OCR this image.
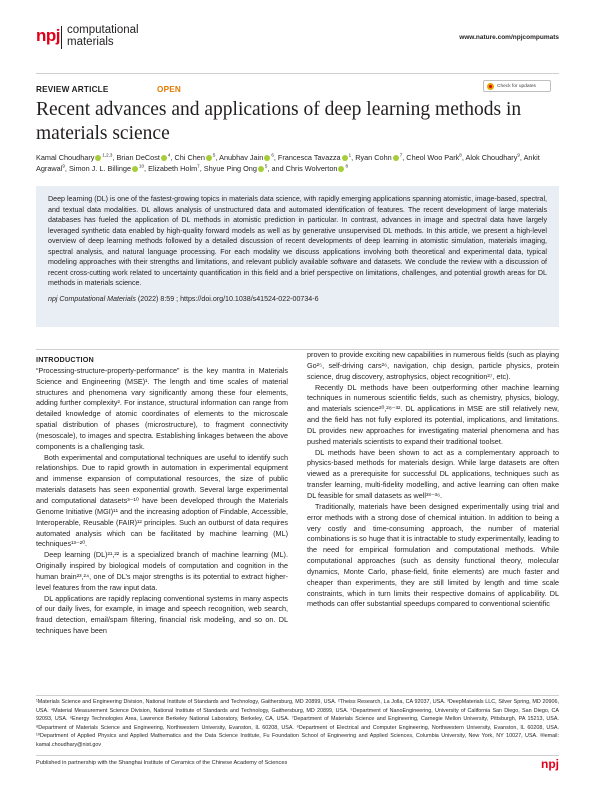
npj computational
materials	www.nature.com/npjcompumats
REVIEW ARTICLE	OPEN	Check for updates
Recent advances and applications of deep learning methods in materials science
Kamal Choudhary $^{1,2,3}$, Brian DeCost $^4$, Chi Chen $^5$, Anubhav Jain $^6$, Francesca Tavazza $^1$, Ryan Cohn $^7$, Cheol Woo Park$^8$, Alok Choudhary$^9$, Ankit Agrawal$^9$, Simon J. L. Billinge $^{10}$, Elizabeth Holm$^7$, Shyue Ping Ong $^5$, and Chris Wolverton $^8$
Deep learning (DL) is one of the fastest-growing topics in materials data science, with rapidly emerging applications spanning atomistic, image-based, spectral, and textual data modalities. DL allows analysis of unstructured data and automated identification of features. The recent development of large materials databases has fueled the application of DL methods in atomistic prediction in particular. In contrast, advances in image and spectral data have largely leveraged synthetic data enabled by high-quality forward models as well as by generative unsupervised DL methods. In this article, we present a high-level overview of deep learning methods followed by a detailed discussion of recent developments of deep learning in atomistic simulation, materials imaging, spectral analysis, and natural language processing. For each modality we discuss applications involving both theoretical and experimental data, typical modeling approaches with their strengths and limitations, and relevant publicly available software and datasets. We conclude the review with a discussion of recent cross-cutting work related to uncertainty quantification in this field and a brief perspective on limitations, challenges, and potential growth areas for DL methods in materials science.
npj Computational Materials (2022) 8:59 ; https://doi.org/10.1038/s41524-022-00734-6

INTRODUCTION

“Processing-structure-property-performance” is the key mantra in Materials Science and Engineering (MSE)¹. The length and time scales of material structures and phenomena vary significantly among these four elements, adding further complexity². For instance, structural information can range from detailed knowledge of atomic coordinates of elements to the microscale spatial distribution of phases (microstructure), to fragment connectivity (mesoscale), to images and spectra. Establishing linkages between the above components is a challenging task.

Both experimental and computational techniques are useful to identify such relationships. Due to rapid growth in automation in experimental equipment and immense expansion of computational resources, the size of public materials datasets has seen exponential growth. Several large experimental and computational datasets³⁻¹⁰ have been developed through the Materials Genome Initiative (MGI)¹¹ and the increasing adoption of Findable, Accessible, Interoperable, Reusable (FAIR)¹² principles. Such an outburst of data requires automated analysis which can be facilitated by machine learning (ML) techniques¹³⁻²⁰.

Deep learning (DL)²¹,²² is a specialized branch of machine learning (ML). Originally inspired by biological models of computation and cognition in the human brain²³,²⁴, one of DL’s major strengths is its potential to extract higher-level features from the raw input data.

DL applications are rapidly replacing conventional systems in many aspects of our daily lives, for example, in image and speech recognition, web search, fraud detection, email/spam filtering, financial risk modeling, and so on. DL techniques have been

proven to provide exciting new capabilities in numerous fields (such as playing Go²⁵, self-driving cars²⁶, navigation, chip design, particle physics, protein science, drug discovery, astrophysics, object recognition²⁷, etc).

Recently DL methods have been outperforming other machine learning techniques in numerous scientific fields, such as chemistry, physics, biology, and materials science²⁰,²⁸⁻³². DL applications in MSE are still relatively new, and the field has not fully explored its potential, implications, and limitations. DL provides new approaches for investigating material phenomena and has pushed materials scientists to expand their traditional toolset.

DL methods have been shown to act as a complementary approach to physics-based methods for materials design. While large datasets are often viewed as a prerequisite for successful DL applications, techniques such as transfer learning, multi-fidelity modelling, and active learning can often make DL feasible for small datasets as well³³⁻³⁶.

Traditionally, materials have been designed experimentally using trial and error methods with a strong dose of chemical intuition. In addition to being a very costly and time-consuming approach, the number of material combinations is so huge that it is intractable to study experimentally, leading to the need for empirical formulation and computational methods. While computational approaches (such as density functional theory, molecular dynamics, Monte Carlo, phase-field, finite elements) are much faster and cheaper than experiments, they are still limited by length and time scale constraints, which in turn limits their respective domains of applicability. DL methods can offer substantial speedups compared to conventional scientific

¹Materials Science and Engineering Division, National Institute of Standards and Technology, Gaithersburg, MD 20899, USA. ²Theiss Research, La Jolla, CA 92037, USA. ³DeepMaterials LLC, Silver Spring, MD 20906, USA. ⁴Material Measurement Science Division, National Institute of Standards and Technology, Gaithersburg, MD 20899, USA. ⁵Department of NanoEngineering, University of California San Diego, San Diego, CA 92093, USA. ⁶Energy Technologies Area, Lawrence Berkeley National Laboratory, Berkeley, CA, USA. ⁷Department of Materials Science and Engineering, Carnegie Mellon University, Pittsburgh, PA 15213, USA. ⁸Department of Materials Science and Engineering, Northwestern University, Evanston, IL 60208, USA. ⁹Department of Electrical and Computer Engineering, Northwestern University, Evanston, IL 60208, USA. ¹⁰Department of Applied Physics and Applied Mathematics and the Data Science Institute, Fu Foundation School of Engineering and Applied Sciences, Columbia University, New York, NY 10027, USA. ✉email: kamal.choudhary@nist.gov
Published in partnership with the Shanghai Institute of Ceramics of the Chinese Academy of Sciences	npj
